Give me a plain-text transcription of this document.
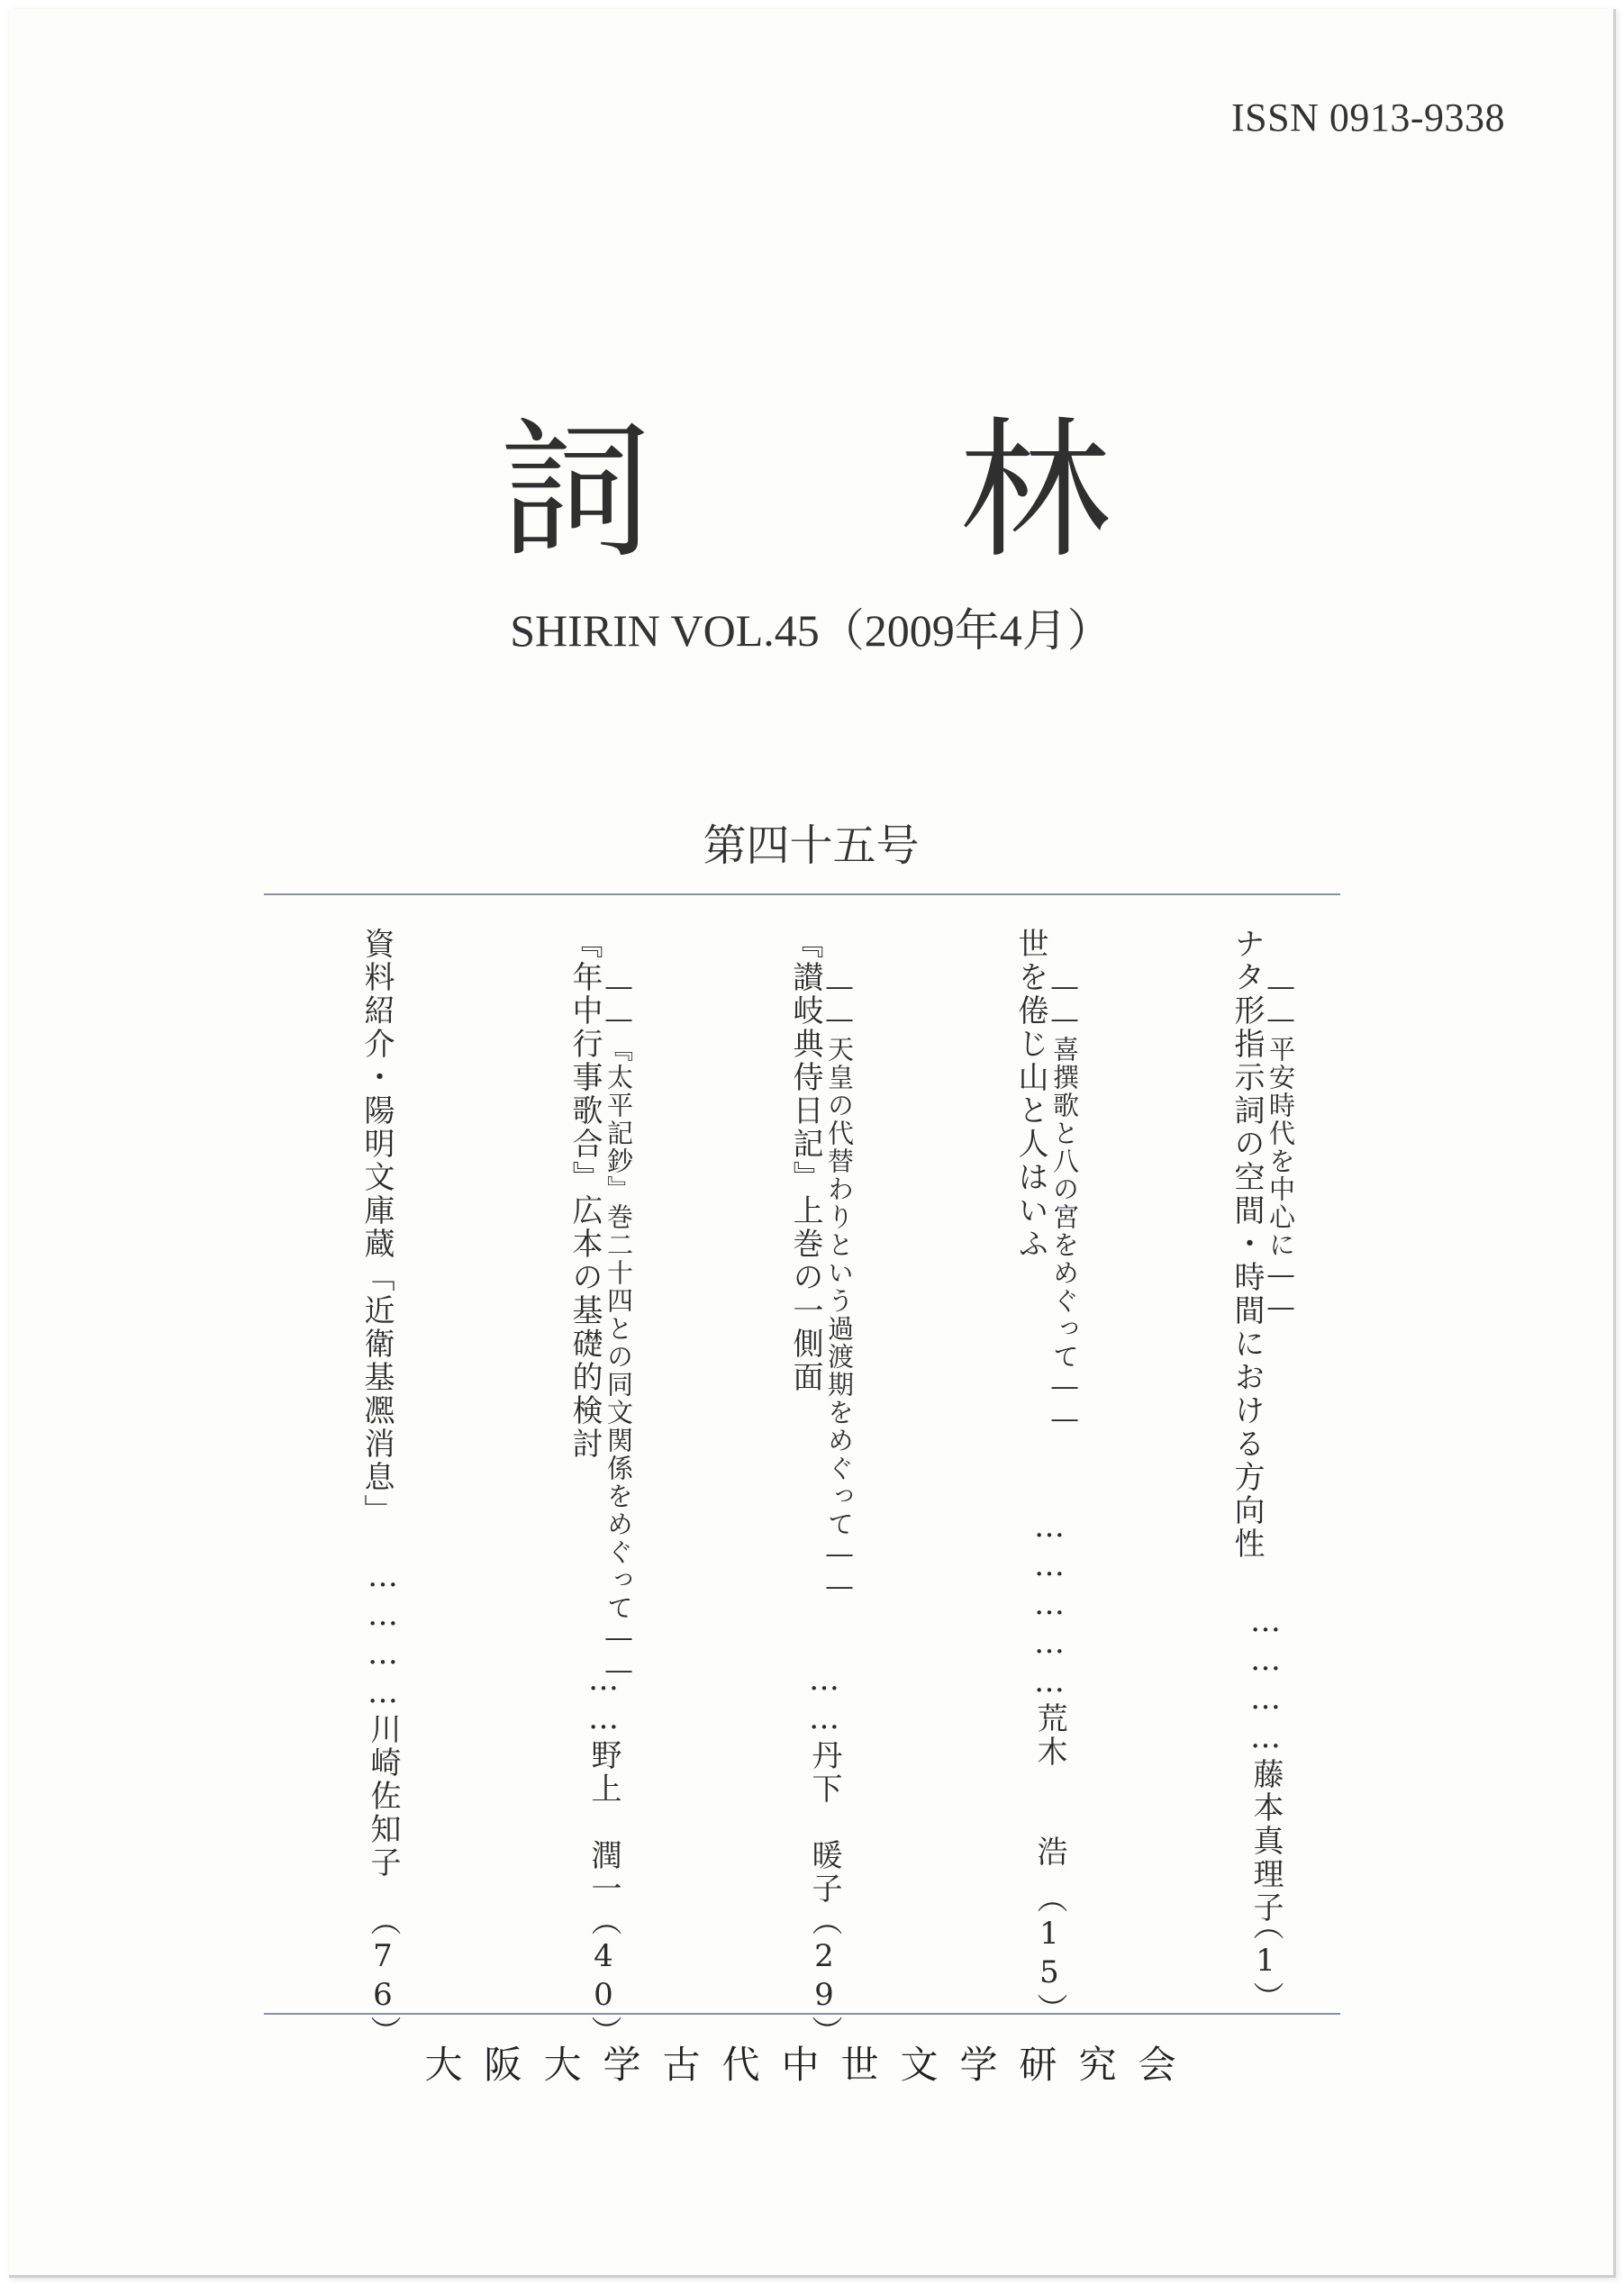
ISSN 0913-9338
詞 林
SHIRIN VOL.45（2009年4月）
第四十五号
ナタ形指示詞の空間・時間における方向性 ――平安時代を中心に――
世を倦じ山と人はいふ ――喜撰歌と八の宮をめぐって――
『讃岐典侍日記』上巻の一側面 ――天皇の代替わりという過渡期をめぐって――
『年中行事歌合』広本の基礎的検討 ――『太平記鈔』巻二十四との同文関係をめぐって――
資料紹介・陽明文庫蔵「近衛基凞消息」
…………藤本真理子
（1）
……………荒木　　浩
（15）
……丹下　暖子
（29）
……野上　潤一
（40）
…………川崎佐知子
（76）
大阪大学古代中世文学研究会
